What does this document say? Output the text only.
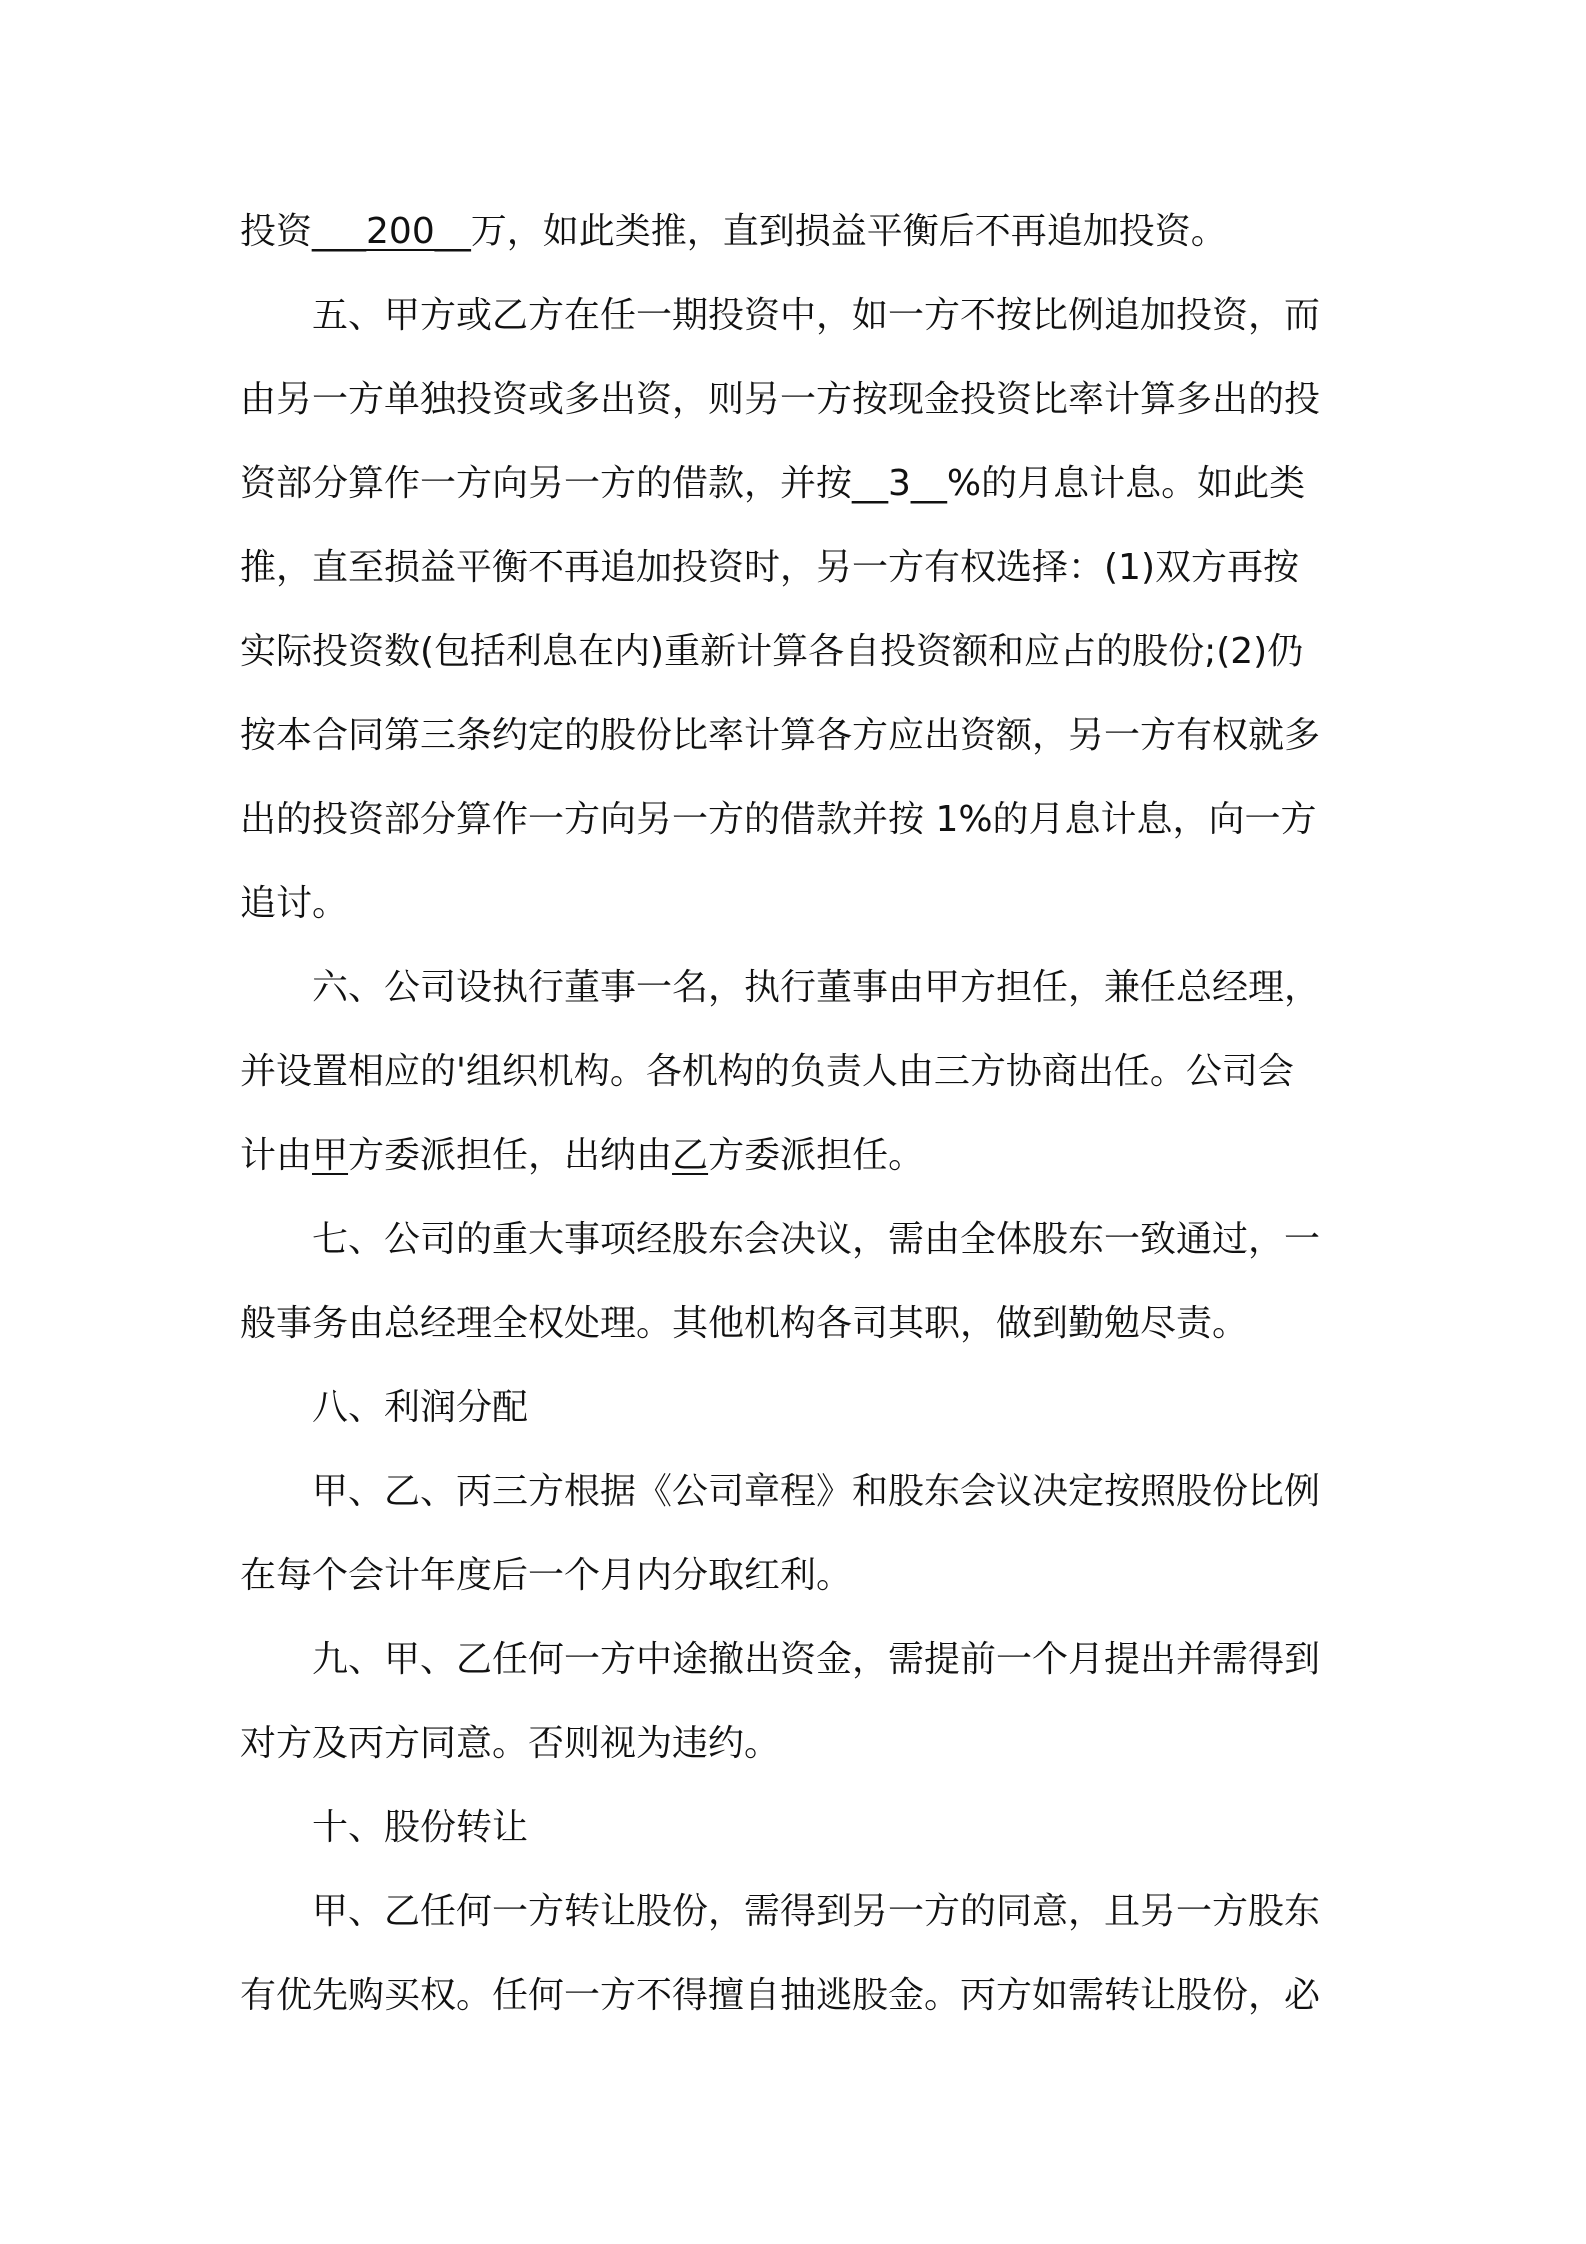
投资___200__万，如此类推，直到损益平衡后不再追加投资。
　　五、甲方或乙方在任一期投资中，如一方不按比例追加投资，而
由另一方单独投资或多出资，则另一方按现金投资比率计算多出的投
资部分算作一方向另一方的借款，并按__3__%的月息计息。如此类
推，直至损益平衡不再追加投资时，另一方有权选择：(1)双方再按
实际投资数(包括利息在内)重新计算各自投资额和应占的股份;(2)仍
按本合同第三条约定的股份比率计算各方应出资额，另一方有权就多
出的投资部分算作一方向另一方的借款并按 1%的月息计息，向一方
追讨。
　　六、公司设执行董事一名，执行董事由甲方担任，兼任总经理，
并设置相应的'组织机构。各机构的负责人由三方协商出任。公司会
计由甲方委派担任，出纳由乙方委派担任。
　　七、公司的重大事项经股东会决议，需由全体股东一致通过，一
般事务由总经理全权处理。其他机构各司其职，做到勤勉尽责。
　　八、利润分配
　　甲、乙、丙三方根据《公司章程》和股东会议决定按照股份比例
在每个会计年度后一个月内分取红利。
　　九、甲、乙任何一方中途撤出资金，需提前一个月提出并需得到
对方及丙方同意。否则视为违约。
　　十、股份转让
　　甲、乙任何一方转让股份，需得到另一方的同意，且另一方股东
有优先购买权。任何一方不得擅自抽逃股金。丙方如需转让股份，必
